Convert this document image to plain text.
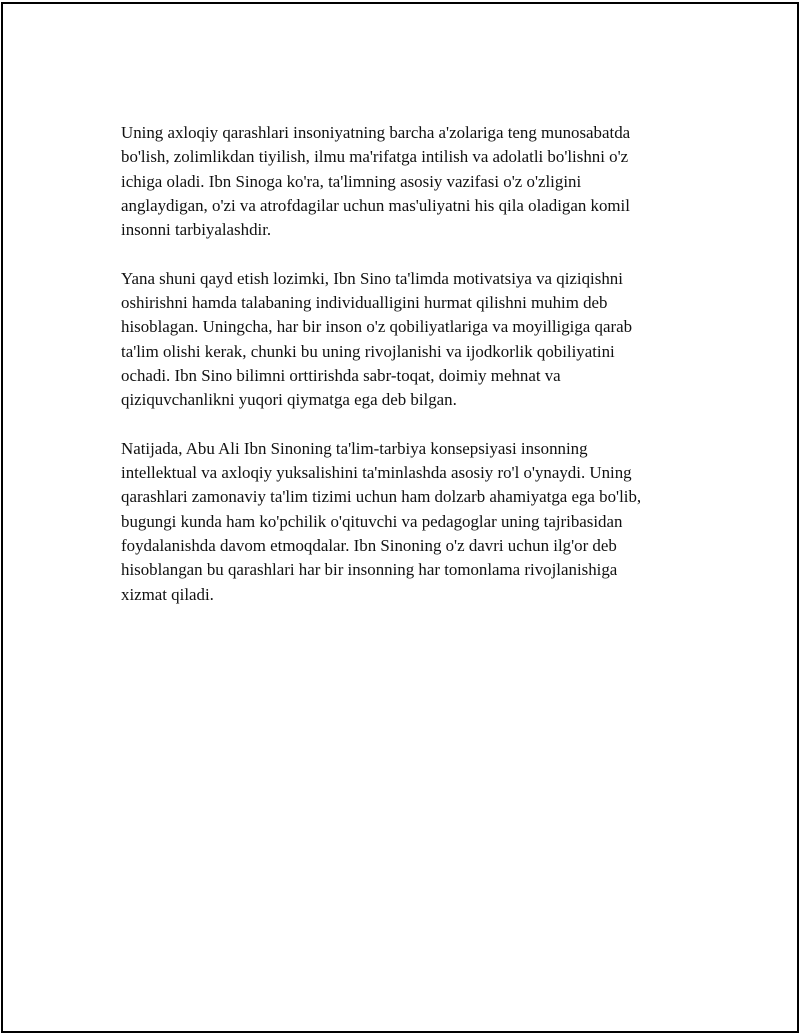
Uning axloqiy qarashlari insoniyatning barcha a'zolariga teng munosabatda
bo'lish, zolimlikdan tiyilish, ilmu ma'rifatga intilish va adolatli bo'lishni o'z
ichiga oladi. Ibn Sinoga ko'ra, ta'limning asosiy vazifasi o'z o'zligini
anglaydigan, o'zi va atrofdagilar uchun mas'uliyatni his qila oladigan komil
insonni tarbiyalashdir.

Yana shuni qayd etish lozimki, Ibn Sino ta'limda motivatsiya va qiziqishni
oshirishni hamda talabaning individualligini hurmat qilishni muhim deb
hisoblagan. Uningcha, har bir inson o'z qobiliyatlariga va moyilligiga qarab
ta'lim olishi kerak, chunki bu uning rivojlanishi va ijodkorlik qobiliyatini
ochadi. Ibn Sino bilimni orttirishda sabr-toqat, doimiy mehnat va
qiziquvchanlikni yuqori qiymatga ega deb bilgan.

Natijada, Abu Ali Ibn Sinoning ta'lim-tarbiya konsepsiyasi insonning
intellektual va axloqiy yuksalishini ta'minlashda asosiy ro'l o'ynaydi. Uning
qarashlari zamonaviy ta'lim tizimi uchun ham dolzarb ahamiyatga ega bo'lib,
bugungi kunda ham ko'pchilik o'qituvchi va pedagoglar uning tajribasidan
foydalanishda davom etmoqdalar. Ibn Sinoning o'z davri uchun ilg'or deb
hisoblangan bu qarashlari har bir insonning har tomonlama rivojlanishiga
xizmat qiladi.
